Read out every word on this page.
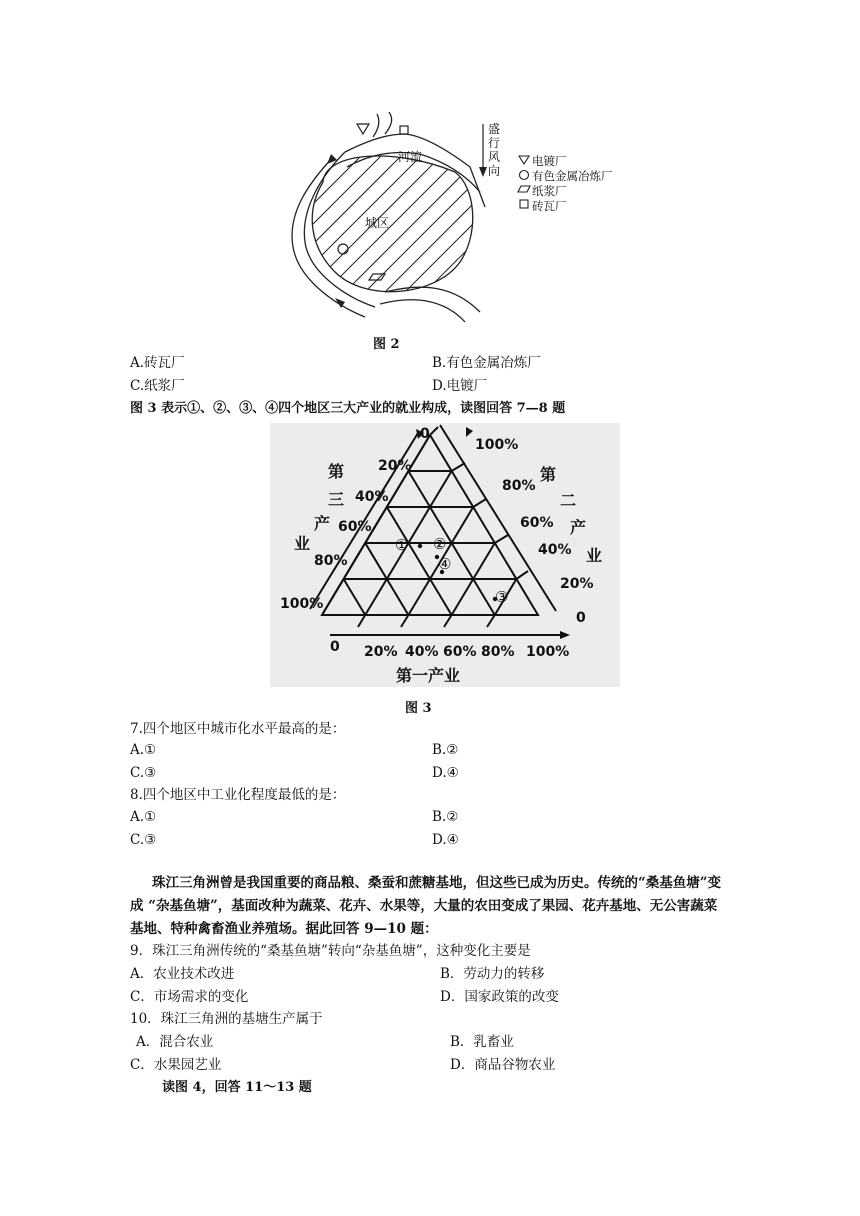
河流
城区
盛行风向
电镀厂
有色金属冶炼厂
纸浆厂
砖瓦厂
图 2
A.砖瓦厂	B.有色金属冶炼厂
C.纸浆厂	D.电镀厂
图 3 表示①、②、③、④四个地区三大产业的就业构成，读图回答 7—8 题
① ②
③
④
0
20%
40%
60%
80%
100%
100%
80%
60%
40%
20%
0
0 20% 40% 60% 80% 100%
第
三
产
业
第
二
产
业
第一产业
图 3
7.四个地区中城市化水平最高的是：
A.①	B.②
C.③	D.④
8.四个地区中工业化程度最低的是：
A.①	B.②
C.③	D.④
珠江三角洲曾是我国重要的商品粮、桑蚕和蔗糖基地，但这些已成为历史。传统的“桑基鱼塘”变成 “杂基鱼塘”，基面改种为蔬菜、花卉、水果等，大量的农田变成了果园、花卉基地、无公害蔬菜基地、特种禽畜渔业养殖场。据此回答 9—10 题：
9．珠江三角洲传统的“桑基鱼塘”转向“杂基鱼塘”，这种变化主要是
A．农业技术改进	B．劳动力的转移
C．市场需求的变化	D．国家政策的改变
10．珠江三角洲的基塘生产属于
A．混合农业	B．乳畜业
C．水果园艺业	D．商品谷物农业
读图 4，回答 11～13 题
